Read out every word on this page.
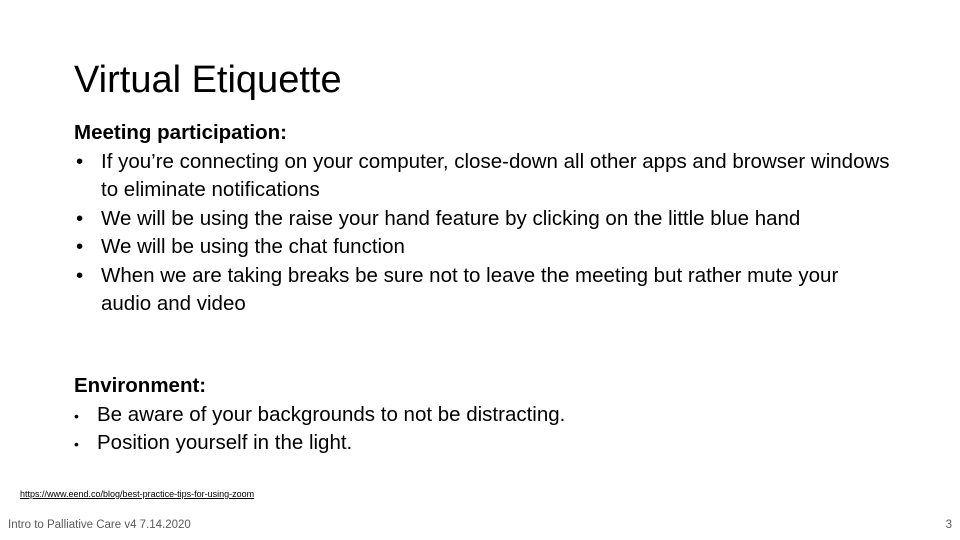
Virtual Etiquette

Meeting participation:

• If you’re connecting on your computer, close-down all other apps and browser windows to eliminate notifications
• We will be using the raise your hand feature by clicking on the little blue hand
• We will be using the chat function
• When we are taking breaks be sure not to leave the meeting but rather mute your audio and video

Environment:

• Be aware of your backgrounds to not be distracting.
• Position yourself in the light.
https://www.eend.co/blog/best-practice-tips-for-using-zoom
Intro to Palliative Care v4 7.14.2020	3
